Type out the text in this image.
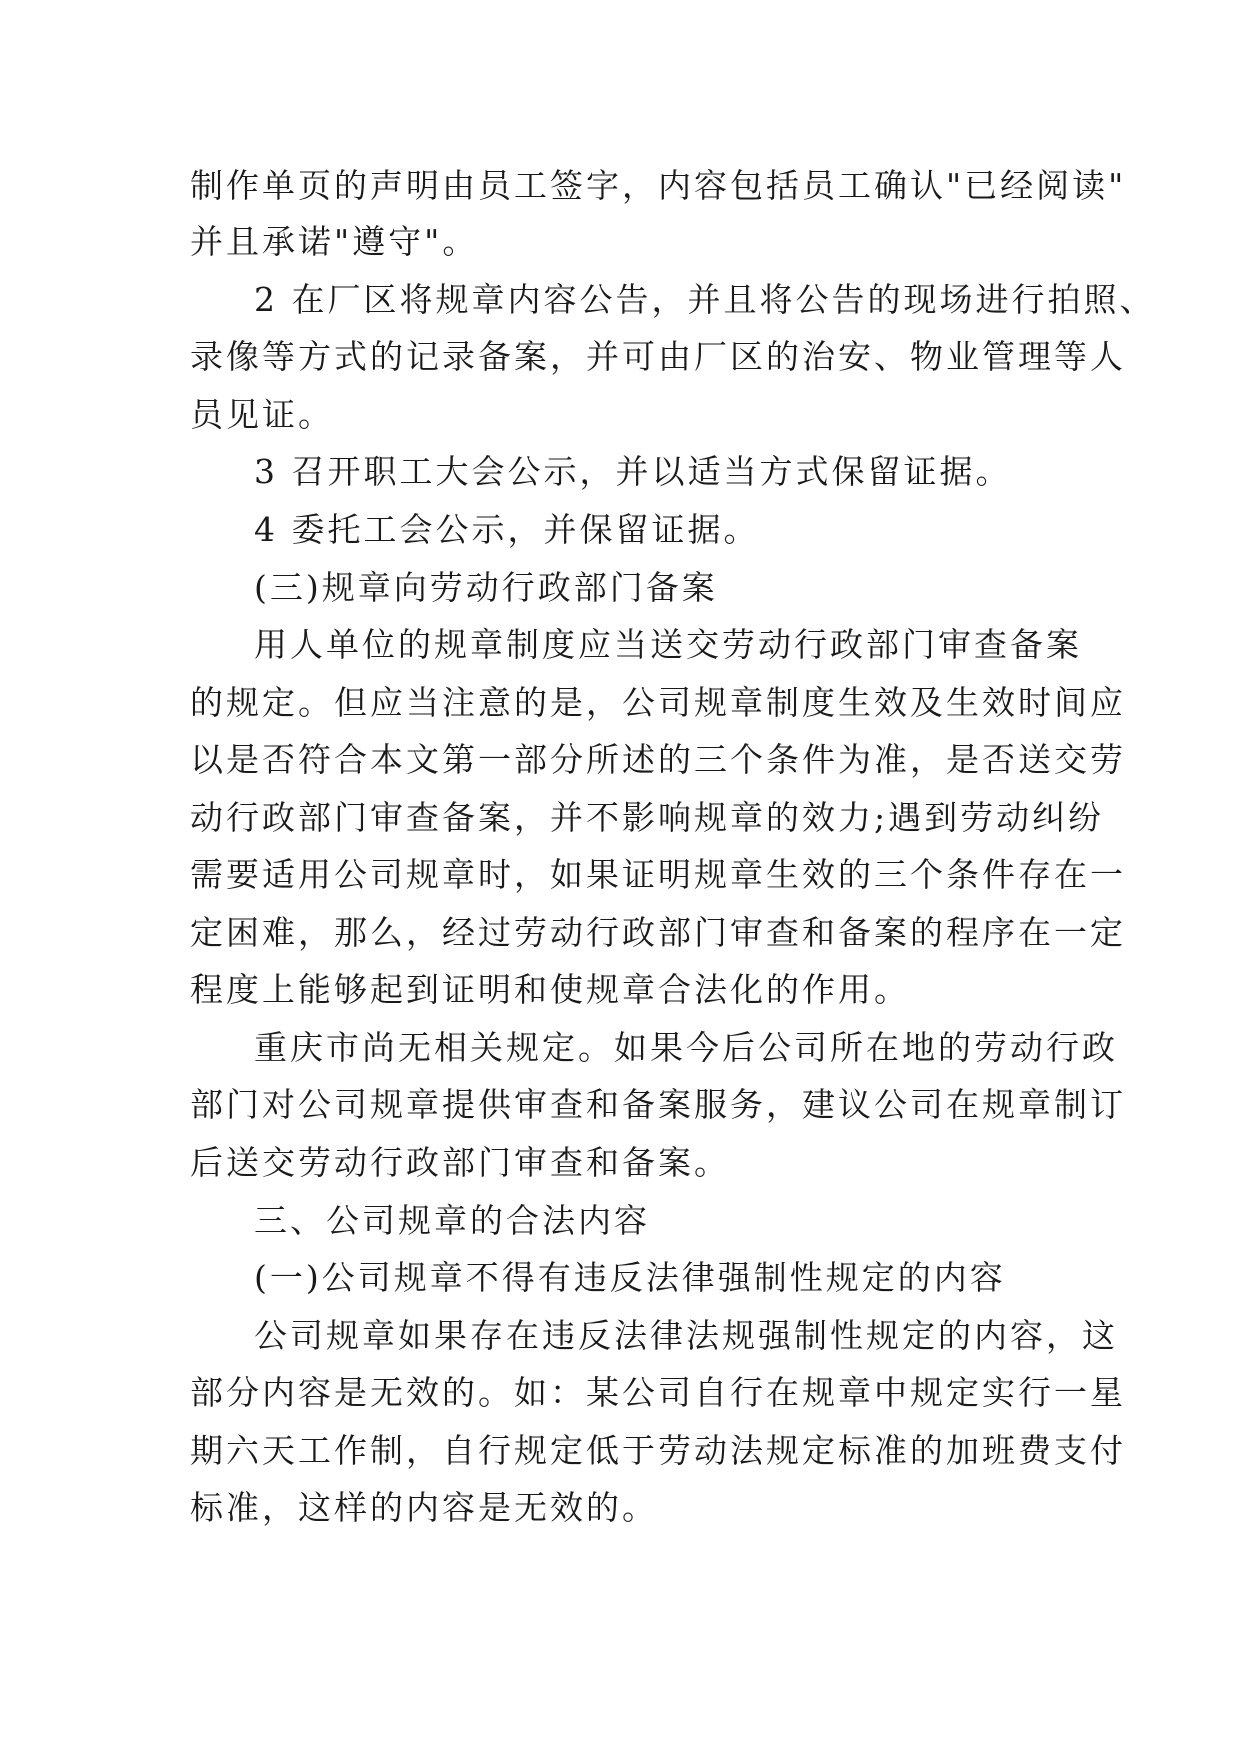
制作单页的声明由员工签字，内容包括员工确认"已经阅读"
并且承诺"遵守"。
2 在厂区将规章内容公告，并且将公告的现场进行拍照、
录像等方式的记录备案，并可由厂区的治安、物业管理等人
员见证。
3 召开职工大会公示，并以适当方式保留证据。
4 委托工会公示，并保留证据。
(三)规章向劳动行政部门备案
用人单位的规章制度应当送交劳动行政部门审查备案
的规定。但应当注意的是，公司规章制度生效及生效时间应
以是否符合本文第一部分所述的三个条件为准，是否送交劳
动行政部门审查备案，并不影响规章的效力;遇到劳动纠纷
需要适用公司规章时，如果证明规章生效的三个条件存在一
定困难，那么，经过劳动行政部门审查和备案的程序在一定
程度上能够起到证明和使规章合法化的作用。
重庆市尚无相关规定。如果今后公司所在地的劳动行政
部门对公司规章提供审查和备案服务，建议公司在规章制订
后送交劳动行政部门审查和备案。
三、公司规章的合法内容
(一)公司规章不得有违反法律强制性规定的内容
公司规章如果存在违反法律法规强制性规定的内容，这
部分内容是无效的。如：某公司自行在规章中规定实行一星
期六天工作制，自行规定低于劳动法规定标准的加班费支付
标准，这样的内容是无效的。
